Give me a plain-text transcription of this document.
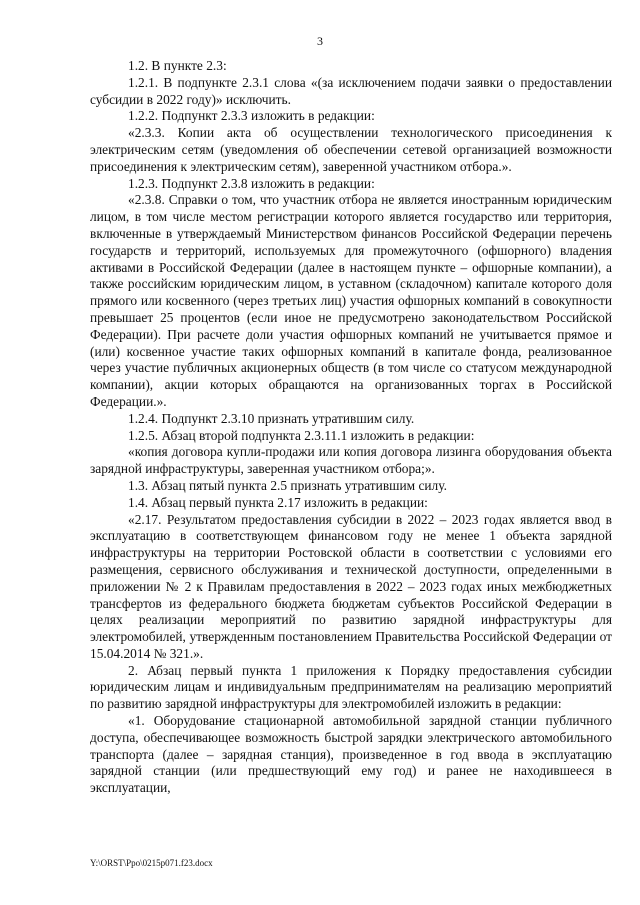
3

1.2. В пункте 2.3:

1.2.1. В подпункте 2.3.1 слова «(за исключением подачи заявки о предоставлении субсидии в 2022 году)» исключить.

1.2.2. Подпункт 2.3.3 изложить в редакции:

«2.3.3. Копии акта об осуществлении технологического присоединения к электрическим сетям (уведомления об обеспечении сетевой организацией возможности присоединения к электрическим сетям), заверенной участником отбора.».

1.2.3. Подпункт 2.3.8 изложить в редакции:

«2.3.8. Справки о том, что участник отбора не является иностранным юридическим лицом, в том числе местом регистрации которого является государство или территория, включенные в утверждаемый Министерством финансов Российской Федерации перечень государств и территорий, используемых для промежуточного (офшорного) владения активами в Российской Федерации (далее в настоящем пункте – офшорные компании), а также российским юридическим лицом, в уставном (складочном) капитале которого доля прямого или косвенного (через третьих лиц) участия офшорных компаний в совокупности превышает 25 процентов (если иное не предусмотрено законодательством Российской Федерации). При расчете доли участия офшорных компаний не учитывается прямое и (или) косвенное участие таких офшорных компаний в капитале фонда, реализованное через участие публичных акционерных обществ (в том числе со статусом международной компании), акции которых обращаются на организованных торгах в Российской Федерации.».

1.2.4. Подпункт 2.3.10 признать утратившим силу.

1.2.5. Абзац второй подпункта 2.3.11.1 изложить в редакции:

«копия договора купли-продажи или копия договора лизинга оборудования объекта зарядной инфраструктуры, заверенная участником отбора;».

1.3. Абзац пятый пункта 2.5 признать утратившим силу.

1.4. Абзац первый пункта 2.17 изложить в редакции:

«2.17. Результатом предоставления субсидии в 2022 – 2023 годах является ввод в эксплуатацию в соответствующем финансовом году не менее 1 объекта зарядной инфраструктуры на территории Ростовской области в соответствии с условиями его размещения, сервисного обслуживания и технической доступности, определенными в приложении № 2 к Правилам предоставления в 2022 – 2023 годах иных межбюджетных трансфертов из федерального бюджета бюджетам субъектов Российской Федерации в целях реализации мероприятий по развитию зарядной инфраструктуры для электромобилей, утвержденным постановлением Правительства Российской Федерации от 15.04.2014 № 321.».

2. Абзац первый пункта 1 приложения к Порядку предоставления субсидии юридическим лицам и индивидуальным предпринимателям на реализацию мероприятий по развитию зарядной инфраструктуры для электромобилей изложить в редакции:

«1. Оборудование стационарной автомобильной зарядной станции публичного доступа, обеспечивающее возможность быстрой зарядки электрического автомобильного транспорта (далее – зарядная станция), произведенное в год ввода в эксплуатацию зарядной станции (или предшествующий ему год) и ранее не находившееся в эксплуатации,

Y:\ORST\Ppo\0215p071.f23.docx
